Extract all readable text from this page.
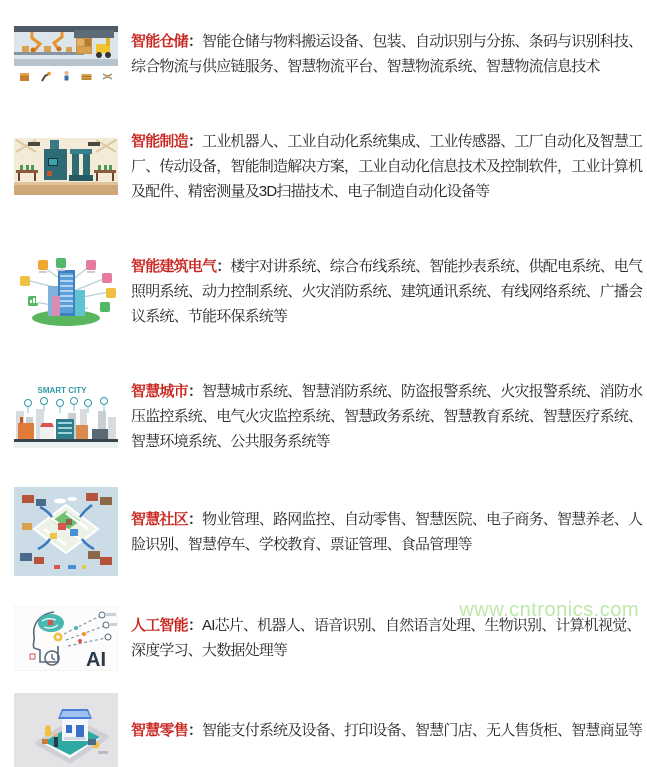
智能仓储：智能仓储与物料搬运设备、包装、自动识别与分拣、条码与识别科技、综合物流与供应链服务、智慧物流平台、智慧物流系统、智慧物流信息技术

智能制造：工业机器人、工业自动化系统集成、工业传感器、工厂自动化及智慧工厂、传动设备，智能制造解决方案，工业自动化信息技术及控制软件，工业计算机及配件、精密测量及3D扫描技术、电子制造自动化设备等

智能建筑电气：楼宇对讲系统、综合布线系统、智能抄表系统、供配电系统、电气照明系统、动力控制系统、火灾消防系统、建筑通讯系统、有线网络系统、广播会议系统、节能环保系统等

SMART CITY	智慧城市：智慧城市系统、智慧消防系统、防盗报警系统、火灾报警系统、消防水压监控系统、电气火灾监控系统、智慧政务系统、智慧教育系统、智慧医疗系统、智慧环境系统、公共服务系统等

智慧社区：物业管理、路网监控、自动零售、智慧医院、电子商务、智慧养老、人脸识别、智慧停车、学校教育、票证管理、食品管理等

AI

人工智能：AI芯片、机器人、语音识别、自然语言处理、生物识别、计算机视觉、深度学习、大数据处理等

智慧零售：智能支付系统及设备、打印设备、智慧门店、无人售货柜、智慧商显等

www.cntronics.com
